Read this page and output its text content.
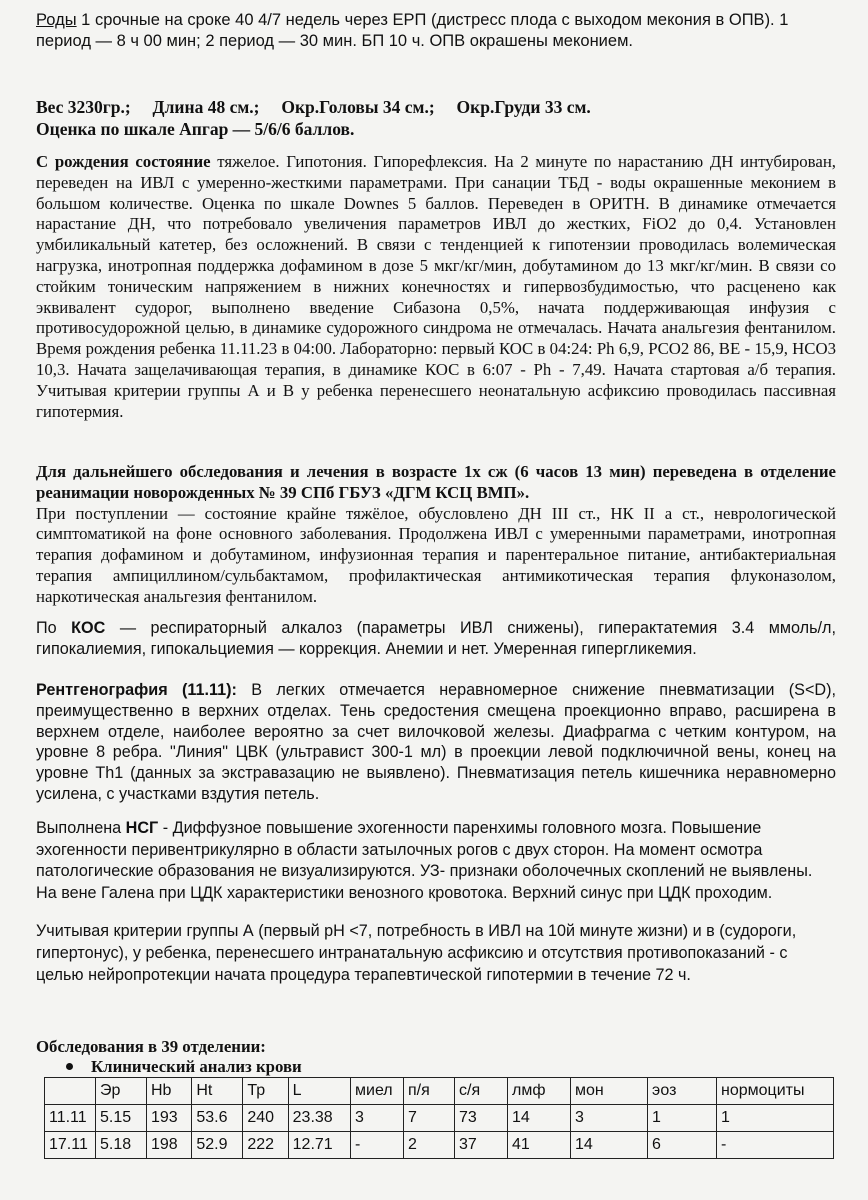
Роды 1 срочные на сроке 40 4/7 недель через ЕРП (дистресс плода с выходом мекония в ОПВ). 1 период — 8 ч 00 мин; 2 период — 30 мин. БП 10 ч. ОПВ окрашены меконием.

Вес 3230гр.;     Длина 48 см.;     Окр.Головы 34 см.;     Окр.Груди 33 см.

Оценка по шкале Апгар — 5/6/6 баллов.

С рождения состояние тяжелое. Гипотония. Гипорефлексия. На 2 минуте по нарастанию ДН интубирован, переведен на ИВЛ с умеренно-жесткими параметрами. При санации ТБД - воды окрашенные меконием в большом количестве. Оценка по шкале Downes 5 баллов. Переведен в ОРИТН. В динамике отмечается нарастание ДН, что потребовало увеличения параметров ИВЛ до жестких, FiO2 до 0,4. Установлен умбиликальный катетер, без осложнений. В связи с тенденцией к гипотензии проводилась волемическая нагрузка, инотропная поддержка дофамином в дозе 5 мкг/кг/мин, добутамином до 13 мкг/кг/мин. В связи со стойким тоническим напряжением в нижних конечностях и гипервозбудимостью, что расценено как эквивалент судорог, выполнено введение Сибазона 0,5%, начата поддерживающая инфузия с противосудорожной целью, в динамике судорожного синдрома не отмечалась. Начата анальгезия фентанилом. Время рождения ребенка 11.11.23 в 04:00. Лабораторно: первый КОС в 04:24: Ph 6,9, PCO2 86, BE - 15,9, HCO3 10,3. Начата защелачивающая терапия, в динамике КОС в 6:07 - Ph - 7,49. Начата стартовая а/б терапия. Учитывая критерии группы А и В у ребенка перенесшего неонатальную асфиксию проводилась пассивная гипотермия.

Для дальнейшего обследования и лечения в возрасте 1х сж (6 часов 13 мин) переведена в отделение реанимации новорожденных № 39 СПб ГБУЗ «ДГМ КСЦ ВМП».

При поступлении — состояние крайне тяжёлое, обусловлено ДН III ст., НК II а ст., неврологической симптоматикой на фоне основного заболевания. Продолжена ИВЛ с умеренными параметрами, инотропная терапия дофамином и добутамином, инфузионная терапия и парентеральное питание, антибактериальная терапия ампициллином/сульбактамом, профилактическая антимикотическая терапия флуконазолом, наркотическая анальгезия фентанилом.

По КОС — респираторный алкалоз (параметры ИВЛ снижены), гиперактатемия 3.4 ммоль/л, гипокалиемия, гипокальциемия — коррекция. Анемии и нет. Умеренная гипергликемия.

Рентгенография (11.11): В легких отмечается неравномерное снижение пневматизации (S<D), преимущественно в верхних отделах. Тень средостения смещена проекционно вправо, расширена в верхнем отделе, наиболее вероятно за счет вилочковой железы. Диафрагма с четким контуром, на уровне 8 ребра. "Линия" ЦВК (ультравист 300-1 мл) в проекции левой подключичной вены, конец на уровне Th1 (данных за экстравазацию не выявлено). Пневматизация петель кишечника неравномерно усилена, с участками вздутия петель.

Выполнена НСГ - Диффузное повышение эхогенности паренхимы головного мозга. Повышение эхогенности перивентрикулярно в области затылочных рогов с двух сторон. На момент осмотра патологические образования не визуализируются. УЗ- признаки оболочечных скоплений не выявлены. На вене Галена при ЦДК характеристики венозного кровотока. Верхний синус при ЦДК проходим.

Учитывая критерии группы А (первый pH <7, потребность в ИВЛ на 10й минуте жизни) и в (судороги, гипертонус), у ребенка, перенесшего интранатальную асфиксию и отсутствия противопоказаний - с целью нейропротекции начата процедура терапевтической гипотермии в течение 72 ч.

Обследования в 39 отделении:

Клинический анализ крови

	Эр	Hb	Ht	Тр	L	миел	п/я	с/я	лмф	мон	эоз	нормоциты
11.11	5.15	193	53.6	240	23.38	3	7	73	14	3	1	1
17.11	5.18	198	52.9	222	12.71	-	2	37	41	14	6	-
